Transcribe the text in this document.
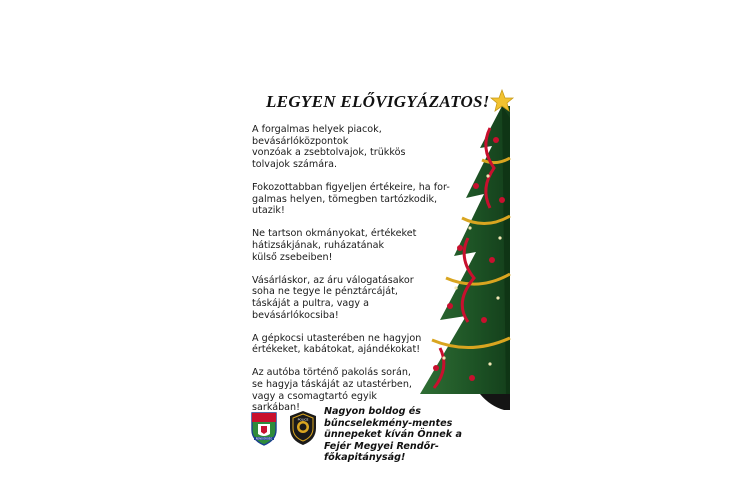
LEGYEN ELŐVIGYÁZATOS!

A forgalmas helyek piacok, bevásárlóközpontok
vonzóak a zsebtolvajok, trükkös
tolvajok számára.

Fokozottabban figyeljen értékeire, ha for-
galmas helyen, tömegben tartózkodik,
utazik!

Ne tartson okmányokat, értékeket
hátizsákjának, ruházatának
külső zsebeiben!

Vásárláskor, az áru válogatásakor
soha ne tegye le pénztárcáját,
táskáját a pultra, vagy a
bevásárlókocsiba!

A gépkocsi utasterében ne hagyjon
értékeket, kabátokat, ajándékokat!

Az autóba történő pakolás során,
se hagyja táskáját az utastérben,
vagy a csomagtartó egyik
sarkában!

RENDŐRSÉG
POLICE
Nagyon boldog és
bűncselekmény-mentes
ünnepeket kíván Önnek a
Fejér Megyei Rendőr-főkapitányság!
